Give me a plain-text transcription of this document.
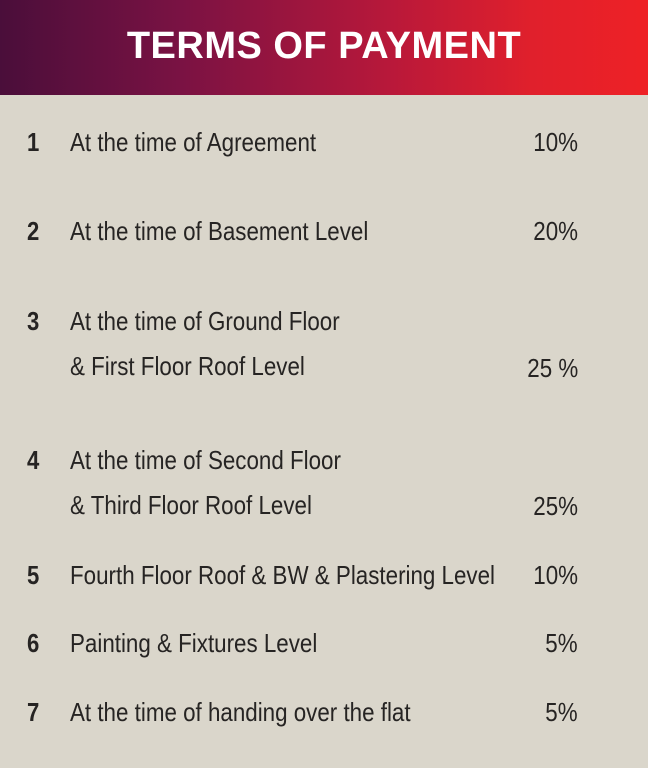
TERMS OF PAYMENT
1 At the time of Agreement	10%
2 At the time of Basement Level	20%
3 At the time of Ground Floor
& First Floor Roof Level	25 %
4 At the time of Second Floor
& Third Floor Roof Level	25%
5 Fourth Floor Roof & BW & Plastering Level 10%
6 Painting & Fixtures Level	5%
7 At the time of handing over the flat	5%
